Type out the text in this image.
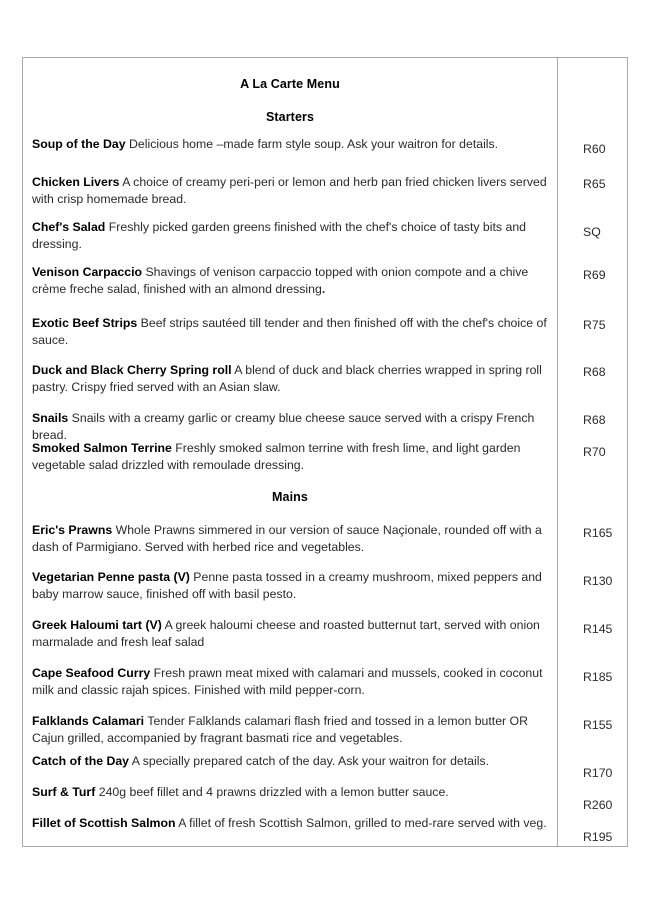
A La Carte Menu
Starters
Soup of the Day Delicious home –made farm style soup. Ask your waitron for details.	R60
Chicken Livers A choice of creamy peri-peri or lemon and herb pan fried chicken livers served with crisp homemade bread.
R65
Chef's Salad Freshly picked garden greens finished with the chef's choice of tasty bits and dressing.
SQ
Venison Carpaccio Shavings of venison carpaccio topped with onion compote and a chive crème freche salad, finished with an almond dressing.
R69
Exotic Beef Strips Beef strips sautéed till tender and then finished off with the chef's choice of sauce.
R75
Duck and Black Cherry Spring roll A blend of duck and black cherries wrapped in spring roll pastry. Crispy fried served with an Asian slaw.
R68
Snails Snails with a creamy garlic or creamy blue cheese sauce served with a crispy French bread.
R68
Smoked Salmon Terrine Freshly smoked salmon terrine with fresh lime, and light garden vegetable salad drizzled with remoulade dressing.
R70
Mains
Eric's Prawns Whole Prawns simmered in our version of sauce Naçionale, rounded off with a dash of Parmigiano. Served with herbed rice and vegetables.
R165
Vegetarian Penne pasta (V) Penne pasta tossed in a creamy mushroom, mixed peppers and baby marrow sauce, finished off with basil pesto.
R130
Greek Haloumi tart (V) A greek haloumi cheese and roasted butternut tart, served with onion marmalade and fresh leaf salad
R145
Cape Seafood Curry Fresh prawn meat mixed with calamari and mussels, cooked in coconut milk and classic rajah spices. Finished with mild pepper-corn.
R185
Falklands Calamari Tender Falklands calamari flash fried and tossed in a lemon butter OR Cajun grilled, accompanied by fragrant basmati rice and vegetables.
R155
Catch of the Day A specially prepared catch of the day. Ask your waitron for details.
R170
Surf & Turf 240g beef fillet and 4 prawns drizzled with a lemon butter sauce.
R260
Fillet of Scottish Salmon A fillet of fresh Scottish Salmon, grilled to med-rare served with veg.
R195
